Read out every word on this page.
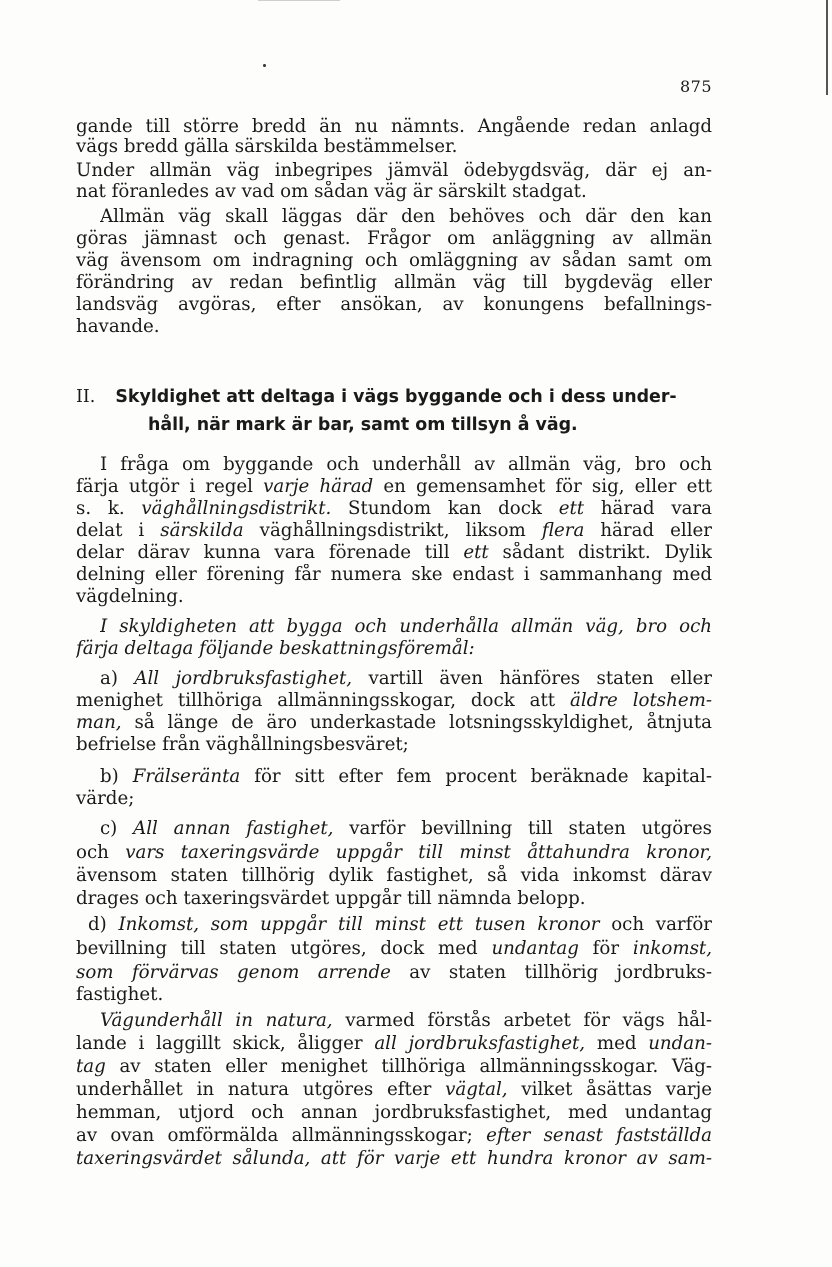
875
gande till större bredd än nu nämnts. Angående redan anlagd
vägs bredd gälla särskilda bestämmelser.
Under allmän väg inbegripes jämväl ödebygdsväg, där ej an-
nat föranledes av vad om sådan väg är särskilt stadgat.
Allmän väg skall läggas där den behöves och där den kan
göras jämnast och genast. Frågor om anläggning av allmän
väg ävensom om indragning och omläggning av sådan samt om
förändring av redan befintlig allmän väg till bygdeväg eller
landsväg avgöras, efter ansökan, av konungens befallnings-
havande.
II. Skyldighet att deltaga i vägs byggande och i dess under-
håll, när mark är bar, samt om tillsyn å väg.
I fråga om byggande och underhåll av allmän väg, bro och
färja utgör i regel varje härad en gemensamhet för sig, eller ett
s. k. väghållningsdistrikt. Stundom kan dock ett härad vara
delat i särskilda väghållningsdistrikt, liksom flera härad eller
delar därav kunna vara förenade till ett sådant distrikt. Dylik
delning eller förening får numera ske endast i sammanhang med
vägdelning.
I skyldigheten att bygga och underhålla allmän väg, bro och
färja deltaga följande beskattningsföremål:
a) All jordbruksfastighet, vartill även hänföres staten eller
menighet tillhöriga allmänningsskogar, dock att äldre lotshem-
man, så länge de äro underkastade lotsningsskyldighet, åtnjuta
befrielse från väghållningsbesväret;
b) Frälseränta för sitt efter fem procent beräknade kapital-
värde;
c) All annan fastighet, varför bevillning till staten utgöres
och vars taxeringsvärde uppgår till minst åttahundra kronor,
ävensom staten tillhörig dylik fastighet, så vida inkomst därav
drages och taxeringsvärdet uppgår till nämnda belopp.
d) Inkomst, som uppgår till minst ett tusen kronor och varför
bevillning till staten utgöres, dock med undantag för inkomst,
som förvärvas genom arrende av staten tillhörig jordbruks-
fastighet.
Vägunderhåll in natura, varmed förstås arbetet för vägs hål-
lande i laggillt skick, åligger all jordbruksfastighet, med undan-
tag av staten eller menighet tillhöriga allmänningsskogar. Väg-
underhållet in natura utgöres efter vägtal, vilket åsättas varje
hemman, utjord och annan jordbruksfastighet, med undantag
av ovan omförmälda allmänningsskogar; efter senast fastställda
taxeringsvärdet sålunda, att för varje ett hundra kronor av sam-
